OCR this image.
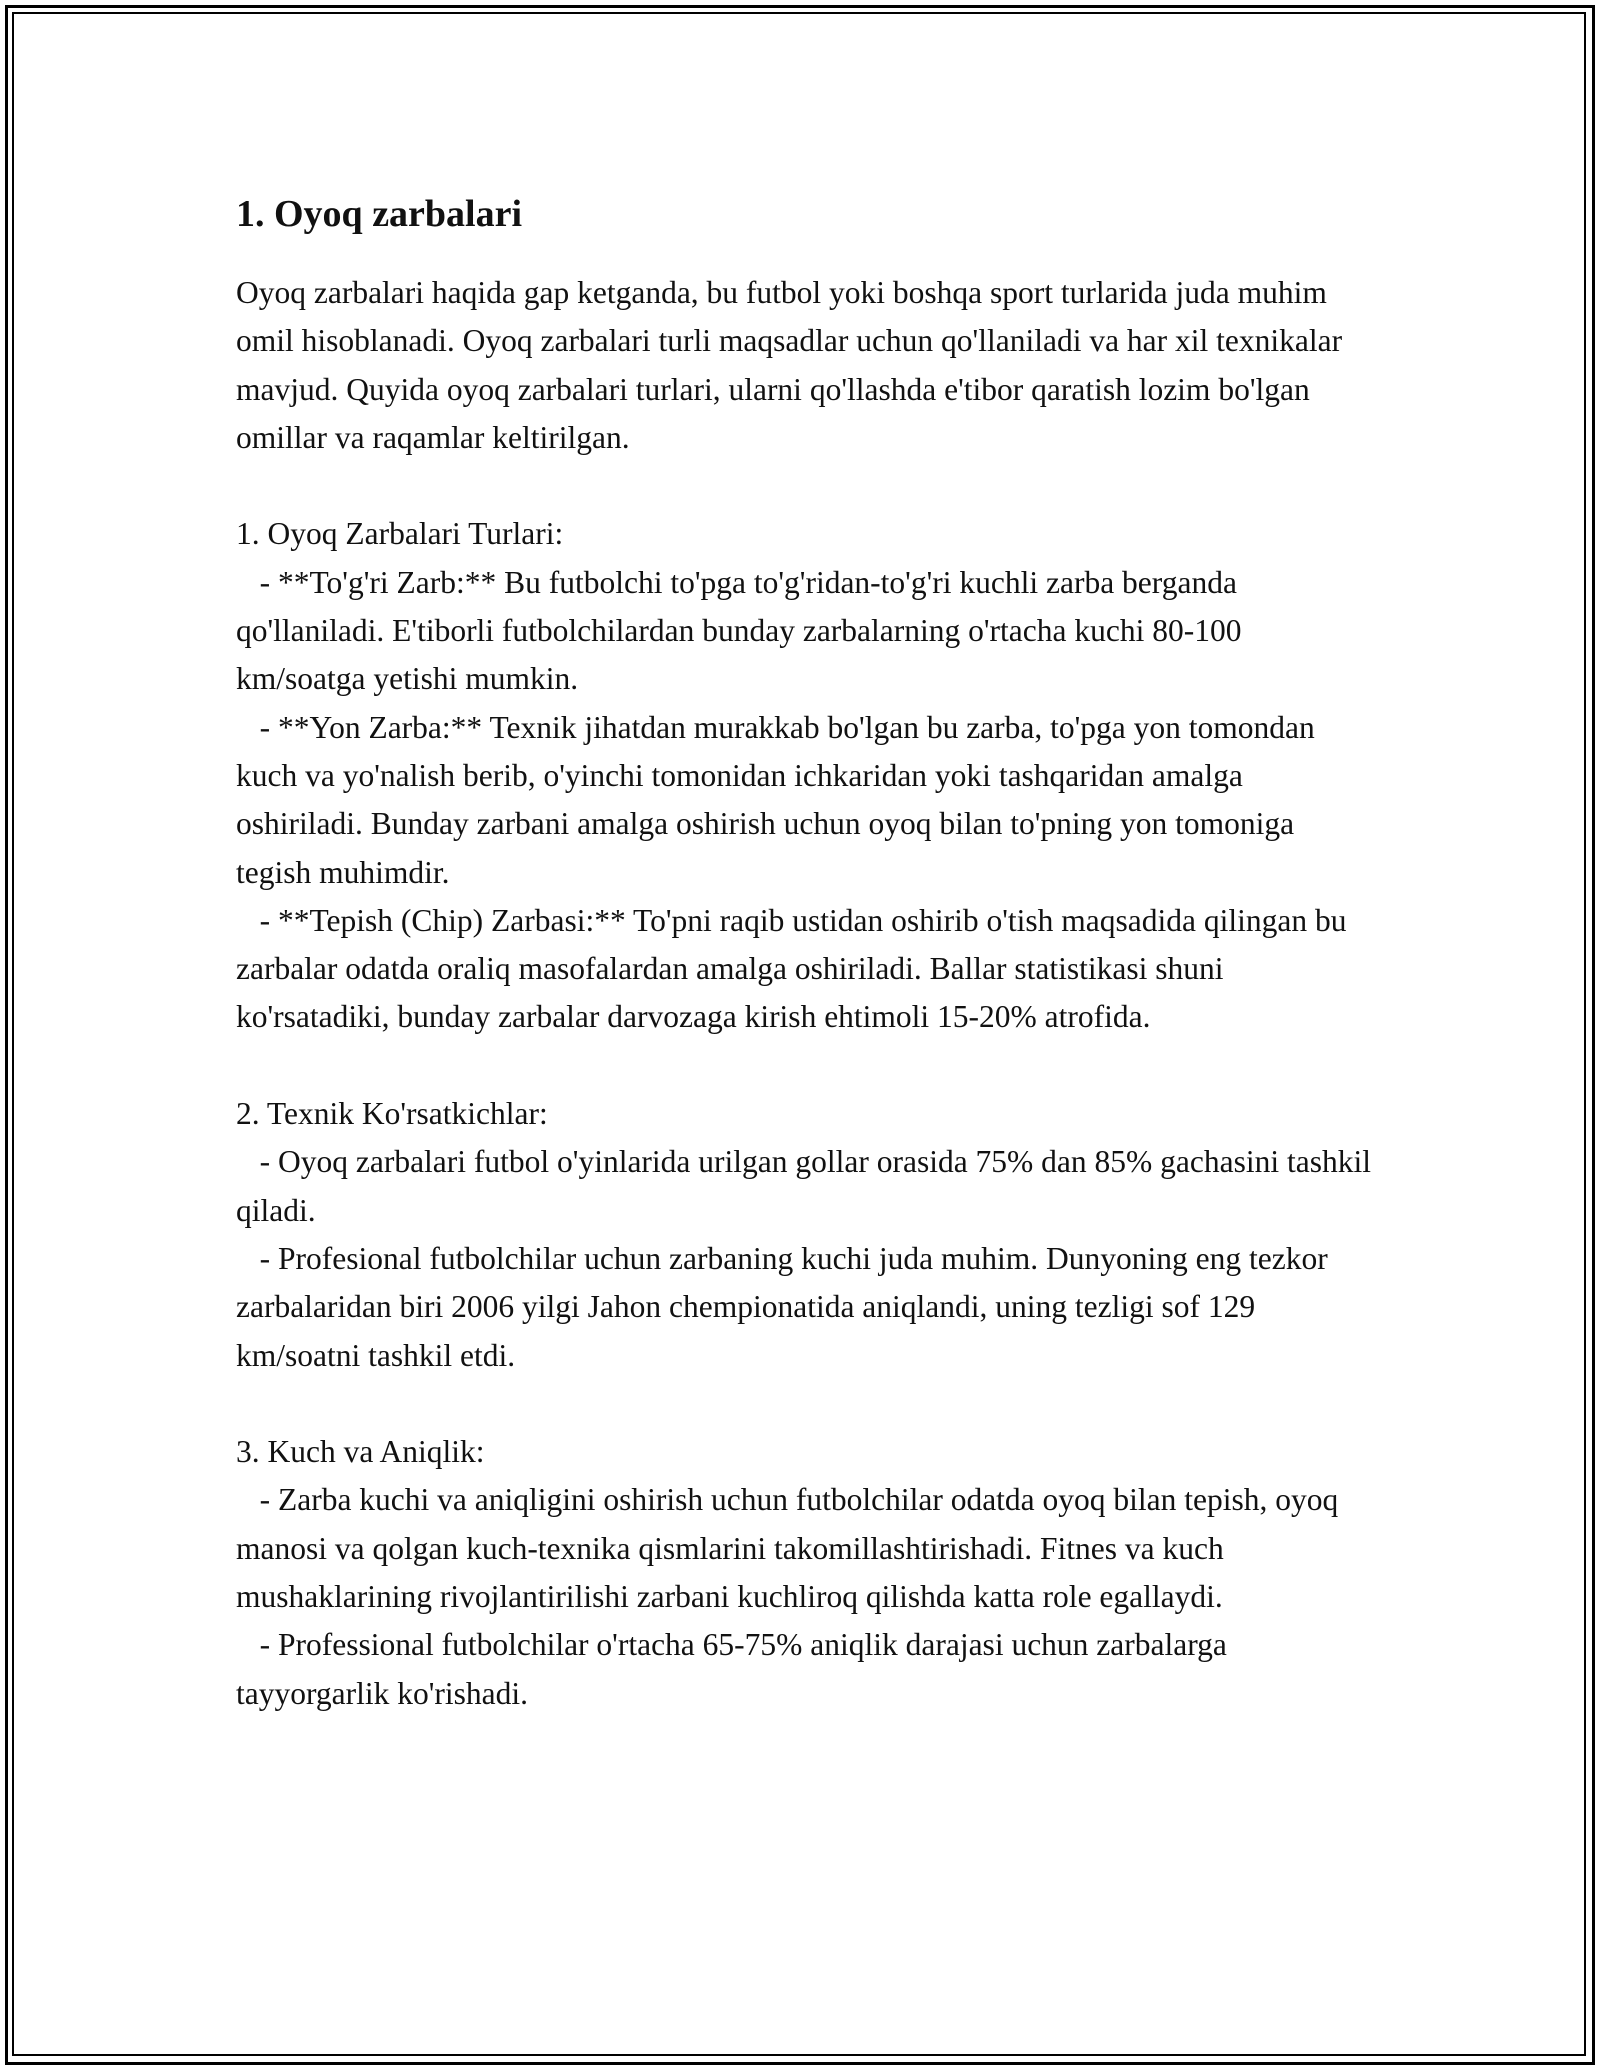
1. Oyoq zarbalari

Oyoq zarbalari haqida gap ketganda, bu futbol yoki boshqa sport turlarida juda muhim omil hisoblanadi. Oyoq zarbalari turli maqsadlar uchun qo'llaniladi va har xil texnikalar mavjud. Quyida oyoq zarbalari turlari, ularni qo'llashda e'tibor qaratish lozim bo'lgan omillar va raqamlar keltirilgan.

1. Oyoq Zarbalari Turlari:
- **To'g'ri Zarb:** Bu futbolchi to'pga to'g'ridan-to'g'ri kuchli zarba berganda qo'llaniladi. E'tiborli futbolchilardan bunday zarbalarning o'rtacha kuchi 80-100 km/soatga yetishi mumkin.
- **Yon Zarba:** Texnik jihatdan murakkab bo'lgan bu zarba, to'pga yon tomondan kuch va yo'nalish berib, o'yinchi tomonidan ichkaridan yoki tashqaridan amalga oshiriladi. Bunday zarbani amalga oshirish uchun oyoq bilan to'pning yon tomoniga tegish muhimdir.
- **Tepish (Chip) Zarbasi:** To'pni raqib ustidan oshirib o'tish maqsadida qilingan bu zarbalar odatda oraliq masofalardan amalga oshiriladi. Ballar statistikasi shuni ko'rsatadiki, bunday zarbalar darvozaga kirish ehtimoli 15-20% atrofida.

2. Texnik Ko'rsatkichlar:
- Oyoq zarbalari futbol o'yinlarida urilgan gollar orasida 75% dan 85% gachasini tashkil qiladi.
- Profesional futbolchilar uchun zarbaning kuchi juda muhim. Dunyoning eng tezkor zarbalaridan biri 2006 yilgi Jahon chempionatida aniqlandi, uning tezligi sof 129 km/soatni tashkil etdi.

3. Kuch va Aniqlik:
- Zarba kuchi va aniqligini oshirish uchun futbolchilar odatda oyoq bilan tepish, oyoq manosi va qolgan kuch-texnika qismlarini takomillashtirishadi. Fitnes va kuch mushaklarining rivojlantirilishi zarbani kuchliroq qilishda katta role egallaydi.
- Professional futbolchilar o'rtacha 65-75% aniqlik darajasi uchun zarbalarga tayyorgarlik ko'rishadi.
